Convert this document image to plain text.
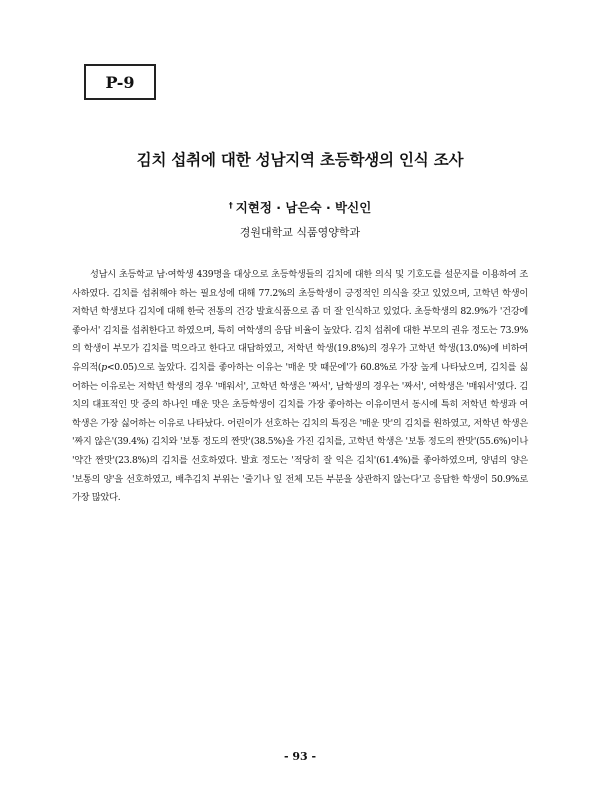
P-9
김치 섭취에 대한 성남지역 초등학생의 인식 조사
† 지현정 · 남은숙 · 박신인
경원대학교 식품영양학과

성남시 초등학교 남·여학생 439명을 대상으로 초등학생들의 김치에 대한 의식 및 기호도를 설문지를 이용하여 조사하였다. 김치를 섭취해야 하는 필요성에 대해 77.2%의 초등학생이 긍정적인 의식을 갖고 있었으며, 고학년 학생이 저학년 학생보다 김치에 대해 한국 전통의 건강 발효식품으로 좀 더 잘 인식하고 있었다. 초등학생의 82.9%가 '건강에 좋아서' 김치를 섭취한다고 하였으며, 특히 여학생의 응답 비율이 높았다. 김치 섭취에 대한 부모의 권유 정도는 73.9%의 학생이 부모가 김치를 먹으라고 한다고 대답하였고, 저학년 학생(19.8%)의 경우가 고학년 학생(13.0%)에 비하여 유의적(p<0.05)으로 높았다. 김치를 좋아하는 이유는 '매운 맛 때문에'가 60.8%로 가장 높게 나타났으며, 김치를 싫어하는 이유로는 저학년 학생의 경우 '매워서', 고학년 학생은 '짜서', 남학생의 경우는 '짜서', 여학생은 '매워서'였다. 김치의 대표적인 맛 중의 하나인 매운 맛은 초등학생이 김치를 가장 좋아하는 이유이면서 동시에 특히 저학년 학생과 여학생은 가장 싫어하는 이유로 나타났다. 어린이가 선호하는 김치의 특징은 '매운 맛'의 김치를 원하였고, 저학년 학생은 '짜지 않은'(39.4%) 김치와 '보통 정도의 짠맛'(38.5%)을 가진 김치를, 고학년 학생은 '보통 정도의 짠맛'(55.6%)이나 '약간 짠맛'(23.8%)의 김치를 선호하였다. 발효 정도는 '적당히 잘 익은 김치'(61.4%)를 좋아하였으며, 양념의 양은 '보통의 양'을 선호하였고, 배추김치 부위는 '줄기나 잎 전체 모든 부분을 상관하지 않는다'고 응답한 학생이 50.9%로 가장 많았다.

- 93 -
